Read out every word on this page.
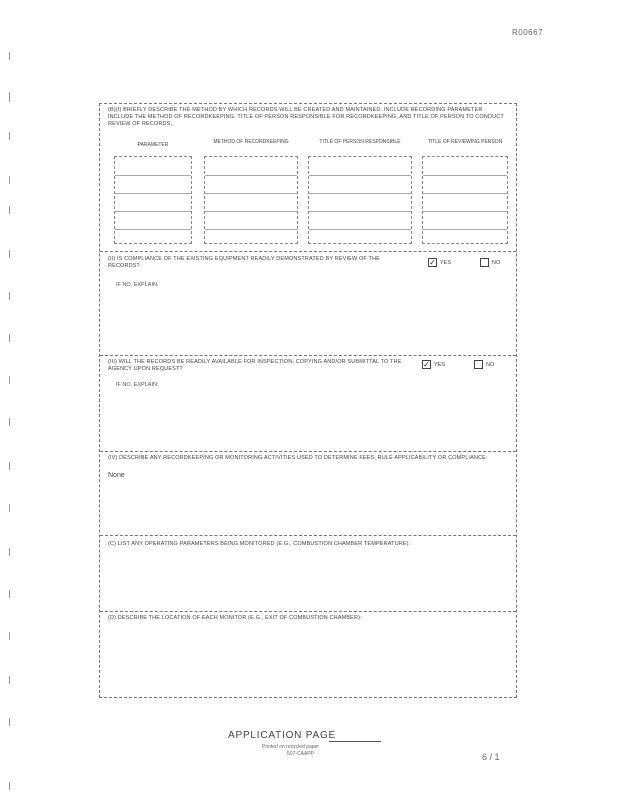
R00667
(B)(I) BRIEFLY DESCRIBE THE METHOD BY WHICH RECORDS WILL BE CREATED AND MAINTAINED. INCLUDE RECORDING PARAMETER INCLUDE THE METHOD OF RECORDKEEPING, TITLE OF PERSON RESPONSIBLE FOR RECORDKEEPING, AND TITLE OF PERSON TO CONDUCT REVIEW OF RECORDS.
PARAMETER	METHOD OF RECORDKEEPING	TITLE OF PERSON RESPONSIBLE	TITLE OF REVIEWING PERSON
(II) IS COMPLIANCE OF THE EXISTING EQUIPMENT READILY DEMONSTRATED BY REVIEW OF THE RECORDS?	✓ YES	NO
IF NO, EXPLAIN:
(III) WILL THE RECORDS BE READILY AVAILABLE FOR INSPECTION, COPYING AND/OR SUBMITTAL TO THE AGENCY UPON REQUEST?	✓ YES	NO
IF NO, EXPLAIN:
(IV) DESCRIBE ANY RECORDKEEPING OR MONITORING ACTIVITIES USED TO DETERMINE FEES, RULE APPLICABILITY OR COMPLIANCE:
None
(C) LIST ANY OPERATING PARAMETERS BEING MONITORED (E.G., COMBUSTION CHAMBER TEMPERATURE):
(D) DESCRIBE THE LOCATION OF EACH MONITOR (E.G., EXIT OF COMBUSTION CHAMBER):
APPLICATION PAGE
Printed on recycled paper
507-CAAPP	6 / 1
